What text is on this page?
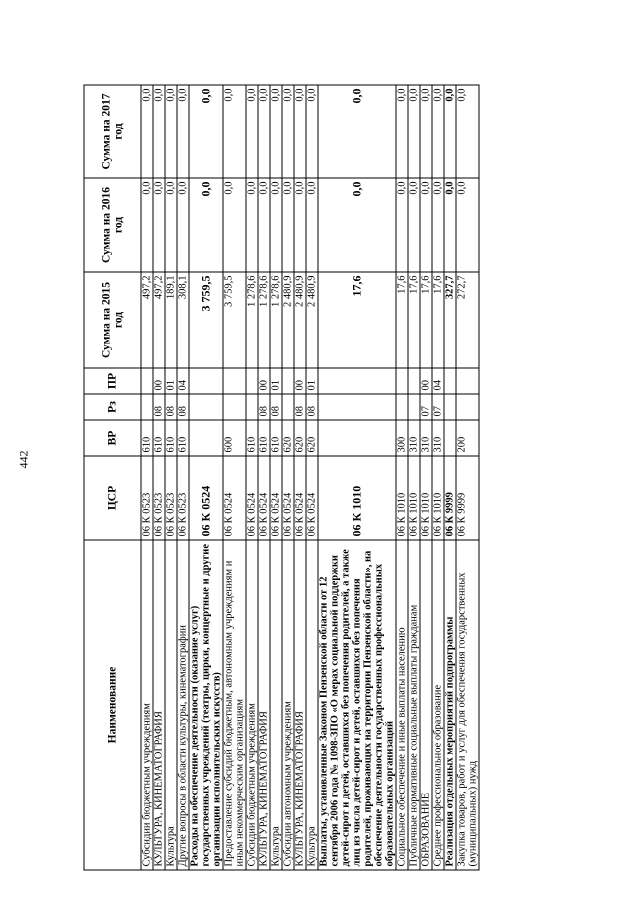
442
Наименование	ЦСР	ВР	Рз	ПР	Сумма на 2015 год	Сумма на 2016 год	Сумма на 2017 год
Субсидии бюджетным учреждениям	06 К 0523	610			497,2	0,0	0,0
КУЛЬТУРА, КИНЕМАТОГРАФИЯ	06 К 0523	610	08	00	497,2	0,0	0,0
Культура	06 К 0523	610	08	01	189,1	0,0	0,0
Другие вопросы в области культуры, кинематографии	06 К 0523	610	08	04	308,1	0,0	0,0
Расходы на обеспечение деятельности (оказание услуг) государственных учреждений (театры, цирки, концертные и другие организации исполнительских искусств)	06 К 0524				3 759,5	0,0	0,0
Предоставление субсидий бюджетным, автономным учреждениям и иным некоммерческим организациям	06 К 0524	600			3 759,5	0,0	0,0
Субсидии бюджетным учреждениям	06 К 0524	610			1 278,6	0,0	0,0
КУЛЬТУРА, КИНЕМАТОГРАФИЯ	06 К 0524	610	08	00	1 278,6	0,0	0,0
Культура	06 К 0524	610	08	01	1 278,6	0,0	0,0
Субсидии автономным учреждениям	06 К 0524	620			2 480,9	0,0	0,0
КУЛЬТУРА, КИНЕМАТОГРАФИЯ	06 К 0524	620	08	00	2 480,9	0,0	0,0
Культура	06 К 0524	620	08	01	2 480,9	0,0	0,0
Выплаты, установленные Законом Пензенской области от 12 сентября 2006 года № 1098-ЗПО «О мерах социальной поддержки детей-сирот и детей, оставшихся без попечения родителей, а также лиц из числа детей-сирот и детей, оставшихся без попечения родителей, проживающих на территории Пензенской области», на обеспечение деятельности государственных профессиональных образовательных организаций	06 К 1010				17,6	0,0	0,0
Социальное обеспечение и иные выплаты населению	06 К 1010	300			17,6	0,0	0,0
Публичные нормативные социальные выплаты гражданам	06 К 1010	310			17,6	0,0	0,0
ОБРАЗОВАНИЕ	06 К 1010	310	07	00	17,6	0,0	0,0
Среднее профессиональное образование	06 К 1010	310	07	04	17,6	0,0	0,0
Реализация отдельных мероприятий подпрограммы	06 К 9999				327,7	0,0	0,0
Закупка товаров, работ и услуг для обеспечения государственных (муниципальных) нужд	06 К 9999	200			272,7	0,0	0,0
